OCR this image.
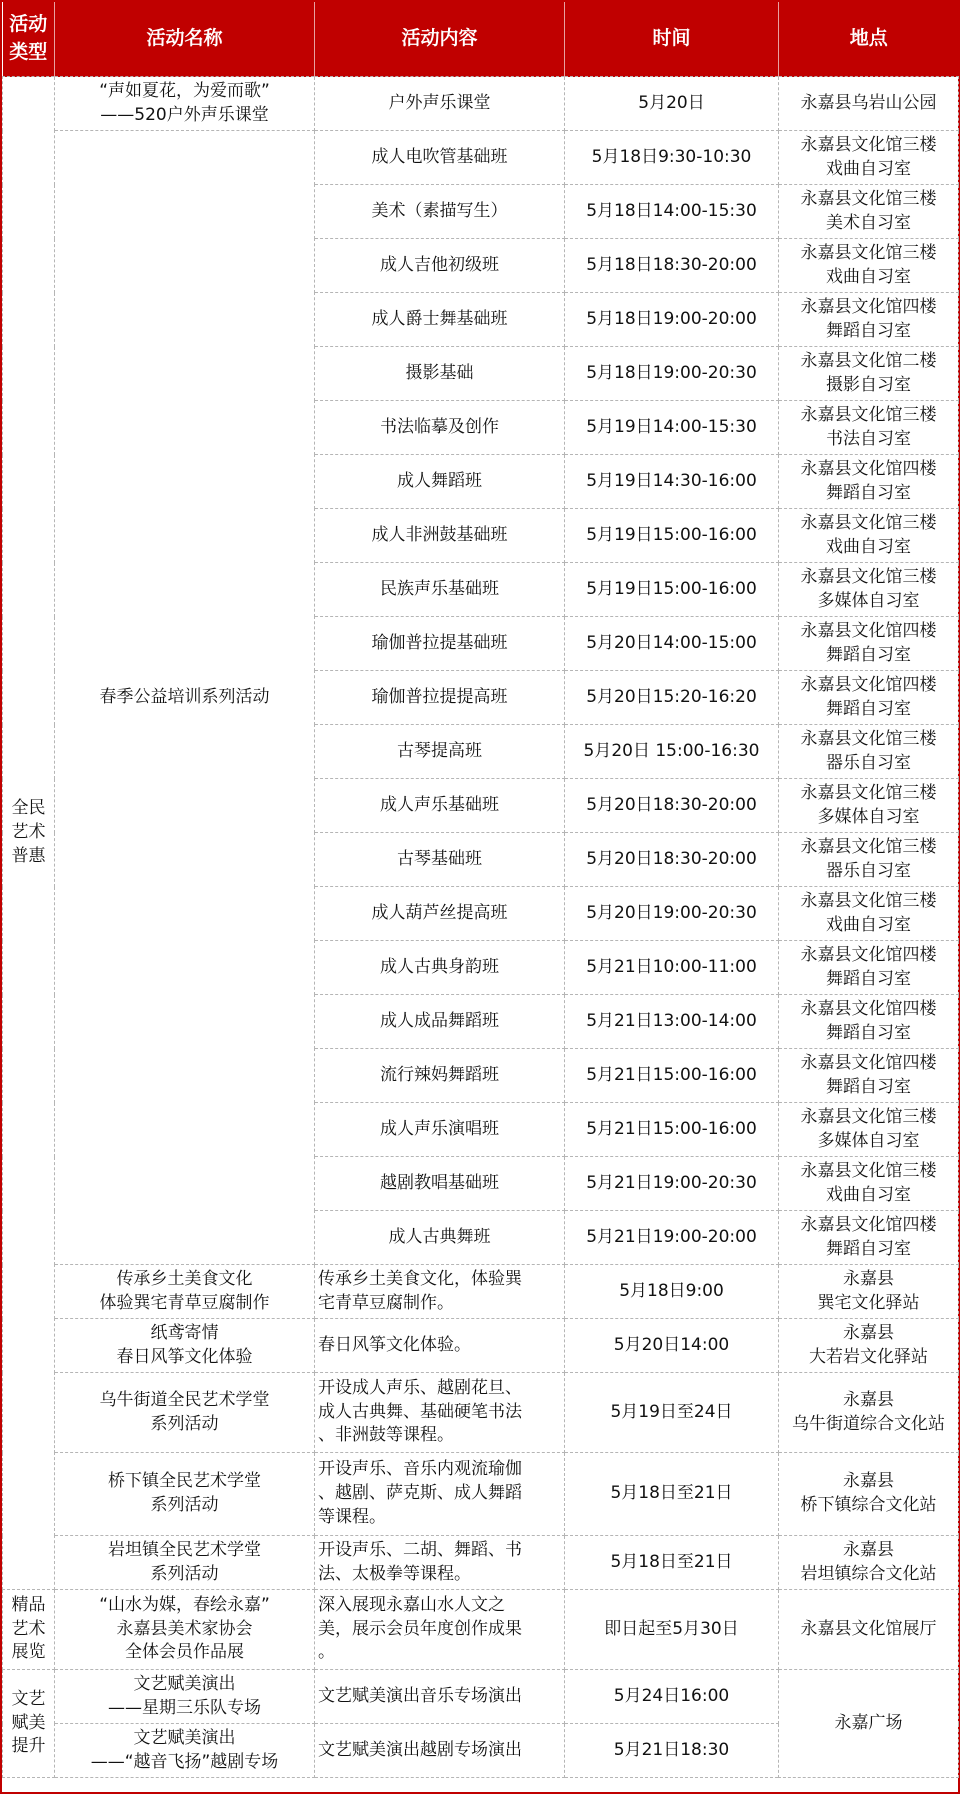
活动
类型	活动名称	活动内容	时间	地点

全民
艺术
普惠	“声如夏花，为爱而歌”
——520户外声乐课堂	户外声乐课堂	5月20日	永嘉县乌岩山公园
	春季公益培训系列活动	成人电吹管基础班	5月18日9:30-10:30	永嘉县文化馆三楼
戏曲自习室

		美术（素描写生）	5月18日14:00-15:30	永嘉县文化馆三楼
美术自习室

		成人吉他初级班	5月18日18:30-20:00	永嘉县文化馆三楼
戏曲自习室

		成人爵士舞基础班	5月18日19:00-20:00	永嘉县文化馆四楼
舞蹈自习室

		摄影基础	5月18日19:00-20:30	永嘉县文化馆二楼
摄影自习室

		书法临摹及创作	5月19日14:00-15:30	永嘉县文化馆三楼
书法自习室

		成人舞蹈班	5月19日14:30-16:00	永嘉县文化馆四楼
舞蹈自习室

		成人非洲鼓基础班	5月19日15:00-16:00	永嘉县文化馆三楼
戏曲自习室

		民族声乐基础班	5月19日15:00-16:00	永嘉县文化馆三楼
多媒体自习室

		瑜伽普拉提基础班	5月20日14:00-15:00	永嘉县文化馆四楼
舞蹈自习室

		瑜伽普拉提提高班	5月20日15:20-16:20	永嘉县文化馆四楼
舞蹈自习室

		古琴提高班	5月20日 15:00-16:30	永嘉县文化馆三楼
器乐自习室

		成人声乐基础班	5月20日18:30-20:00	永嘉县文化馆三楼
多媒体自习室

		古琴基础班	5月20日18:30-20:00	永嘉县文化馆三楼
器乐自习室

		成人葫芦丝提高班	5月20日19:00-20:30	永嘉县文化馆三楼
戏曲自习室

		成人古典身韵班	5月21日10:00-11:00	永嘉县文化馆四楼
舞蹈自习室

		成人成品舞蹈班	5月21日13:00-14:00	永嘉县文化馆四楼
舞蹈自习室

		流行辣妈舞蹈班	5月21日15:00-16:00	永嘉县文化馆四楼
舞蹈自习室

		成人声乐演唱班	5月21日15:00-16:00	永嘉县文化馆三楼
多媒体自习室

		越剧教唱基础班	5月21日19:00-20:30	永嘉县文化馆三楼
戏曲自习室

		成人古典舞班	5月21日19:00-20:00	永嘉县文化馆四楼
舞蹈自习室

	传承乡土美食文化
体验巽宅青草豆腐制作	传承乡土美食文化，体验巽
宅青草豆腐制作。	5月18日9:00	永嘉县
巽宅文化驿站

	纸鸢寄情
春日风筝文化体验	春日风筝文化体验。	5月20日14:00	永嘉县
大若岩文化驿站

	乌牛街道全民艺术学堂
系列活动	开设成人声乐、越剧花旦、
成人古典舞、基础硬笔书法
、非洲鼓等课程。	5月19日至24日	永嘉县
乌牛街道综合文化站

	桥下镇全民艺术学堂
系列活动	开设声乐、音乐内观流瑜伽
、越剧、萨克斯、成人舞蹈
等课程。	5月18日至21日	永嘉县
桥下镇综合文化站

	岩坦镇全民艺术学堂
系列活动	开设声乐、二胡、舞蹈、书
法、太极拳等课程。	5月18日至21日	永嘉县
岩坦镇综合文化站

精品
艺术
展览	“山水为媒，春绘永嘉”
永嘉县美术家协会
全体会员作品展	深入展现永嘉山水人文之
美，展示会员年度创作成果
。	即日起至5月30日	永嘉县文化馆展厅

文艺
赋美
提升	文艺赋美演出
——星期三乐队专场	文艺赋美演出音乐专场演出	5月24日16:00	永嘉广场

	文艺赋美演出
——“越音飞扬”越剧专场	文艺赋美演出越剧专场演出	5月21日18:30	
